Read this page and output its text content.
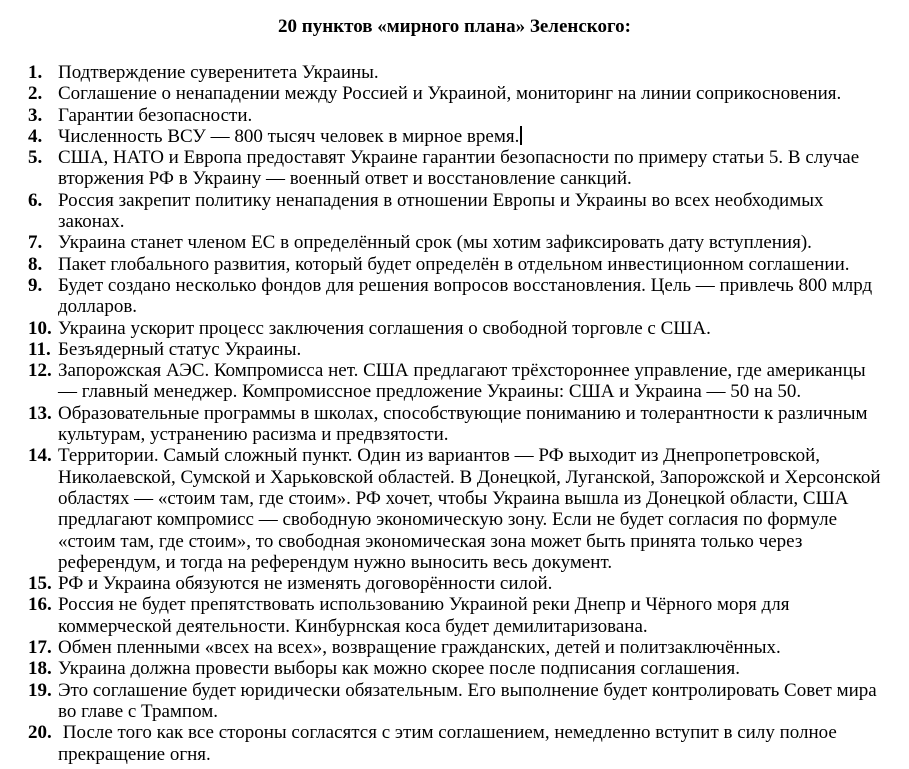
20 пунктов «мирного плана» Зеленского:
1. Подтверждение суверенитета Украины.
2. Соглашение о ненападении между Россией и Украиной, мониторинг на линии соприкосновения.
3. Гарантии безопасности.
4. Численность ВСУ — 800 тысяч человек в мирное время.
5. США, НАТО и Европа предоставят Украине гарантии безопасности по примеру статьи 5. В случае вторжения РФ в Украину — военный ответ и восстановление санкций.
6. Россия закрепит политику ненападения в отношении Европы и Украины во всех необходимых законах.
7. Украина станет членом ЕС в определённый срок (мы хотим зафиксировать дату вступления).
8. Пакет глобального развития, который будет определён в отдельном инвестиционном соглашении.
9. Будет создано несколько фондов для решения вопросов восстановления. Цель — привлечь 800 млрд долларов.
10. Украина ускорит процесс заключения соглашения о свободной торговле с США.
11. Безъядерный статус Украины.
12. Запорожская АЭС. Компромисса нет. США предлагают трёхстороннее управление, где американцы — главный менеджер. Компромиссное предложение Украины: США и Украина — 50 на 50.
13. Образовательные программы в школах, способствующие пониманию и толерантности к различным культурам, устранению расизма и предвзятости.
14. Территории. Самый сложный пункт. Один из вариантов — РФ выходит из Днепропетровской, Николаевской, Сумской и Харьковской областей. В Донецкой, Луганской, Запорожской и Херсонской областях — «стоим там, где стоим». РФ хочет, чтобы Украина вышла из Донецкой области, США предлагают компромисс — свободную экономическую зону. Если не будет согласия по формуле «стоим там, где стоим», то свободная экономическая зона может быть принята только через референдум, и тогда на референдум нужно выносить весь документ.
15. РФ и Украина обязуются не изменять договорённости силой.
16. Россия не будет препятствовать использованию Украиной реки Днепр и Чёрного моря для коммерческой деятельности. Кинбурнская коса будет демилитаризована.
17. Обмен пленными «всех на всех», возвращение гражданских, детей и политзаключённых.
18. Украина должна провести выборы как можно скорее после подписания соглашения.
19. Это соглашение будет юридически обязательным. Его выполнение будет контролировать Совет мира во главе с Трампом.
20. После того как все стороны согласятся с этим соглашением, немедленно вступит в силу полное прекращение огня.
